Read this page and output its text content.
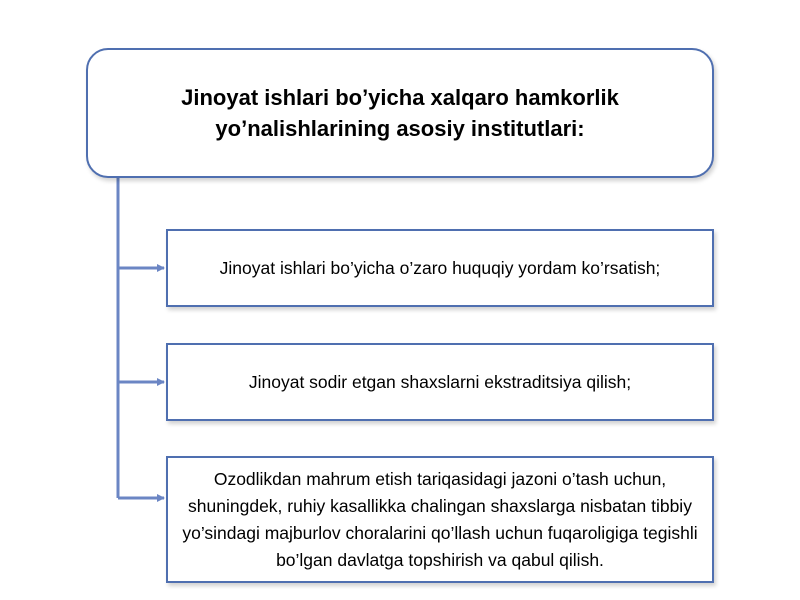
Jinoyat ishlari bo’yicha xalqaro hamkorlik
yo’nalishlarining asosiy institutlari:
Jinoyat ishlari bo’yicha o’zaro huquqiy yordam ko’rsatish;
Jinoyat sodir etgan shaxslarni ekstraditsiya qilish;
Ozodlikdan mahrum etish tariqasidagi jazoni o’tash uchun, shuningdek, ruhiy kasallikka chalingan shaxslarga nisbatan tibbiy yo’sindagi majburlov choralarini qo’llash uchun fuqaroligiga tegishli bo’lgan davlatga topshirish va qabul qilish.
